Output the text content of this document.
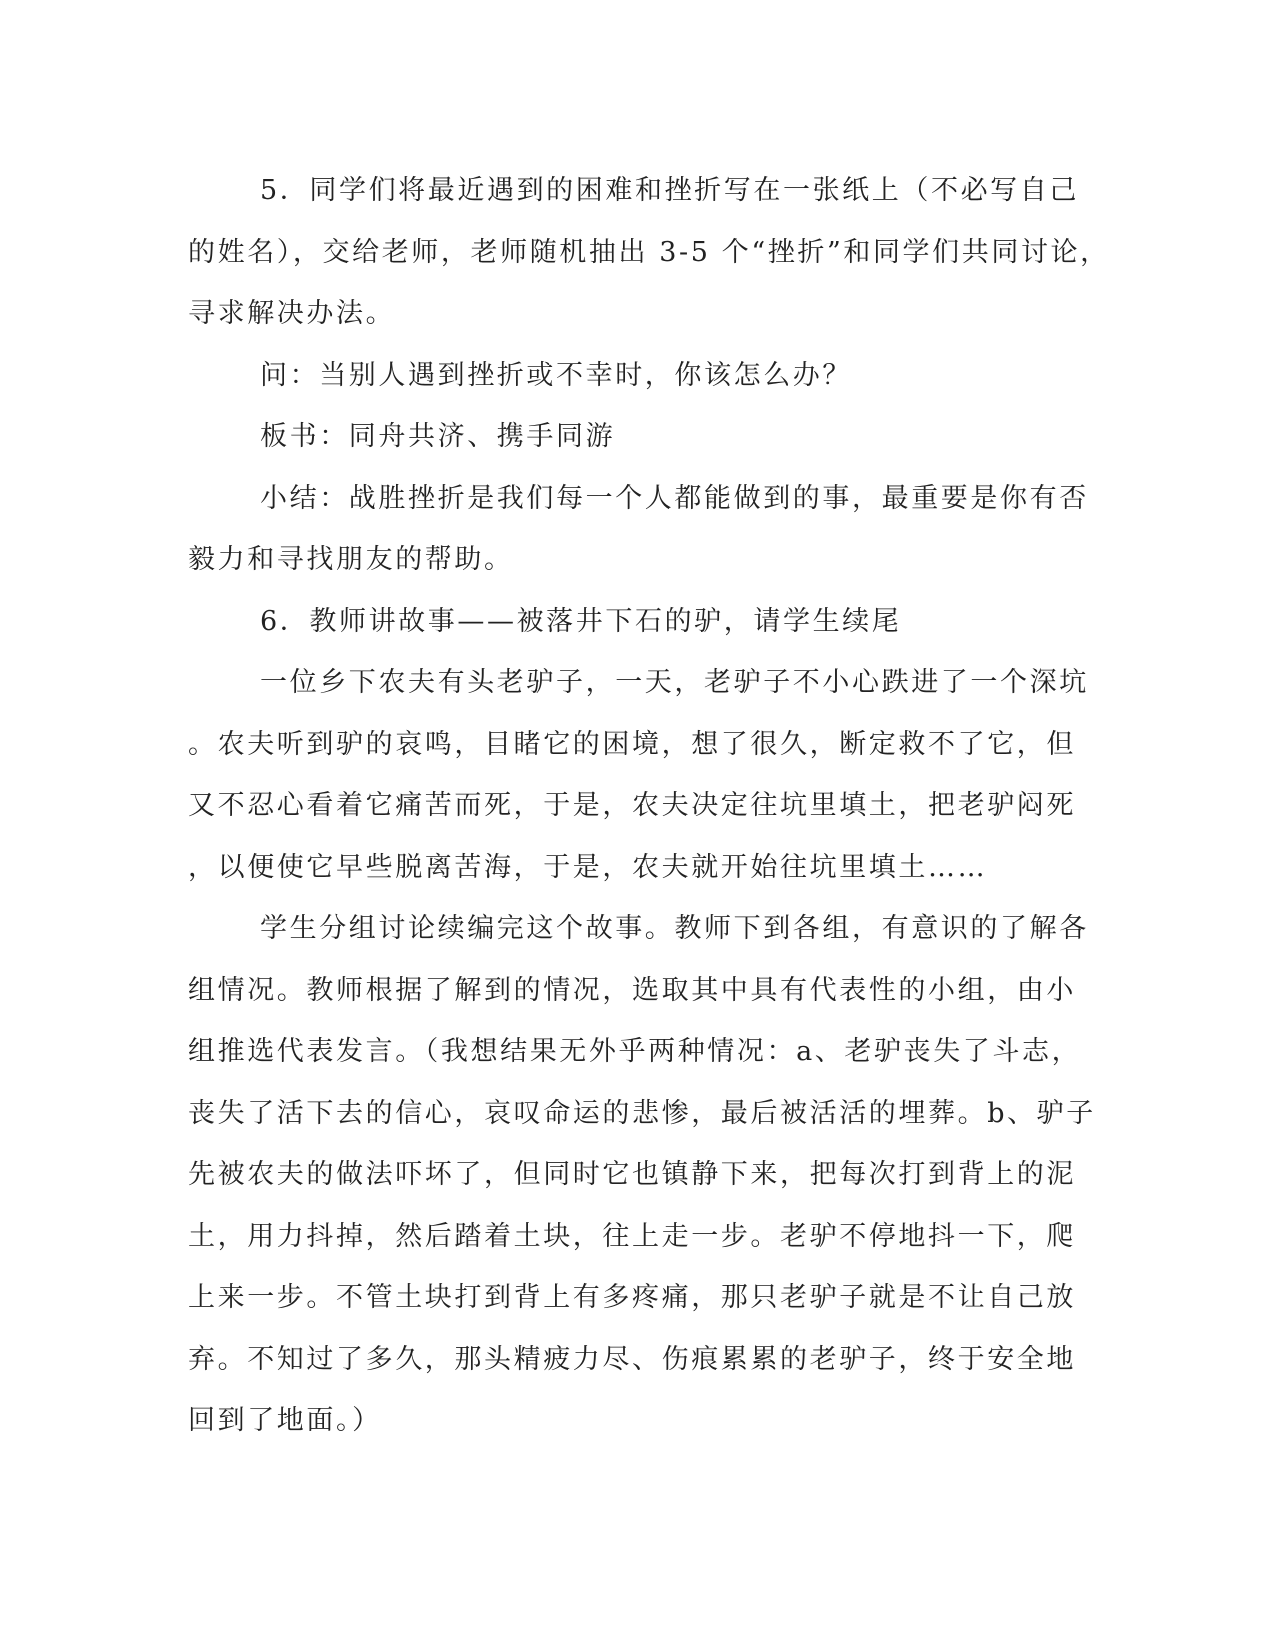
5．同学们将最近遇到的困难和挫折写在一张纸上（不必写自己
的姓名），交给老师，老师随机抽出 3-5 个“挫折”和同学们共同讨论，
寻求解决办法。
问：当别人遇到挫折或不幸时，你该怎么办？
板书：同舟共济、携手同游
小结：战胜挫折是我们每一个人都能做到的事，最重要是你有否
毅力和寻找朋友的帮助。
6．教师讲故事——被落井下石的驴，请学生续尾
一位乡下农夫有头老驴子，一天，老驴子不小心跌进了一个深坑
。农夫听到驴的哀鸣，目睹它的困境，想了很久，断定救不了它，但
又不忍心看着它痛苦而死，于是，农夫决定往坑里填土，把老驴闷死
，以便使它早些脱离苦海，于是，农夫就开始往坑里填土……
学生分组讨论续编完这个故事。教师下到各组，有意识的了解各
组情况。教师根据了解到的情况，选取其中具有代表性的小组，由小
组推选代表发言。（我想结果无外乎两种情况：a、老驴丧失了斗志，
丧失了活下去的信心，哀叹命运的悲惨，最后被活活的埋葬。b、驴子
先被农夫的做法吓坏了，但同时它也镇静下来，把每次打到背上的泥
土，用力抖掉，然后踏着土块，往上走一步。老驴不停地抖一下，爬
上来一步。不管土块打到背上有多疼痛，那只老驴子就是不让自己放
弃。不知过了多久，那头精疲力尽、伤痕累累的老驴子，终于安全地
回到了地面。）
